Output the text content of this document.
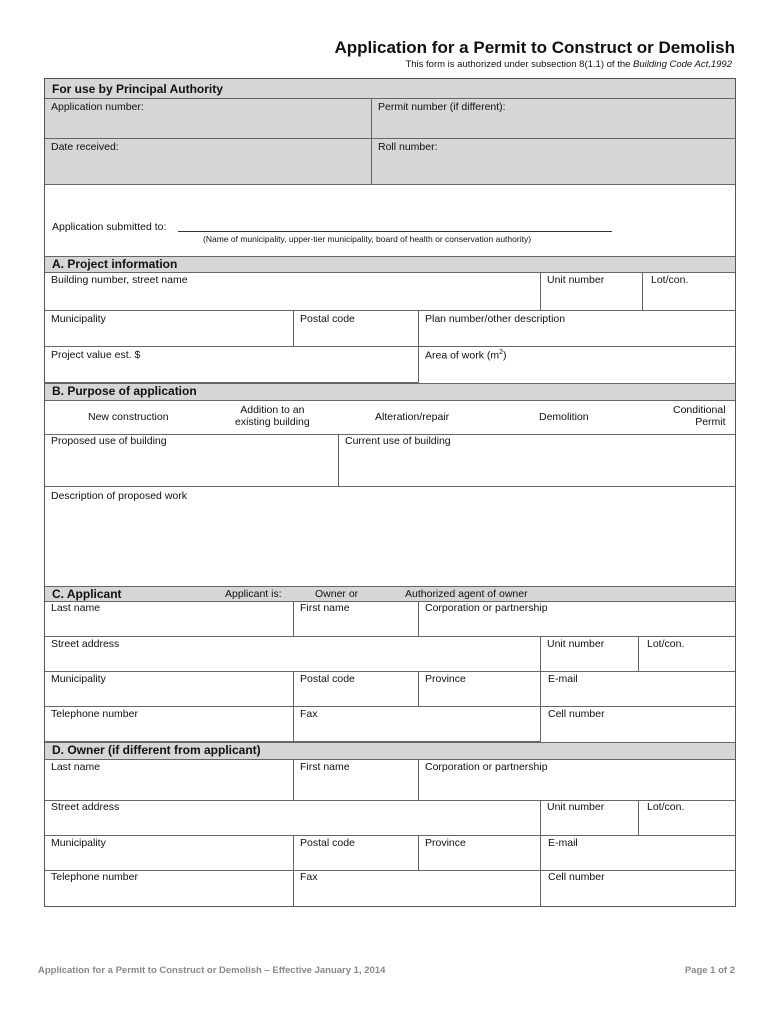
Application for a Permit to Construct or Demolish
This form is authorized under subsection 8(1.1) of the Building Code Act,1992
For use by Principal Authority
Application number:	Permit number (if different):
Date received:	Roll number:
Application submitted to:
(Name of municipality, upper-tier municipality, board of health or conservation authority)
A. Project information
Building number, street name	Unit number	Lot/con.
Municipality	Postal code	Plan number/other description
Project value est. $	Area of work $(m^2)$
B. Purpose of application
New construction
Addition to an
existing building	Alteration/repair	Demolition
Conditional
Permit
Proposed use of building	Current use of building
Description of proposed work
C. Applicant	Applicant is:	Owner or	Authorized agent of owner
Last name	First name	Corporation or partnership
Street address	Unit number	Lot/con.
Municipality	Postal code	Province	E-mail
Telephone number	Fax	Cell number
D. Owner (if different from applicant)
Last name	First name	Corporation or partnership
Street address	Unit number	Lot/con.
Municipality	Postal code	Province	E-mail
Telephone number	Fax	Cell number
Application for a Permit to Construct or Demolish – Effective January 1, 2014	Page 1 of 2
